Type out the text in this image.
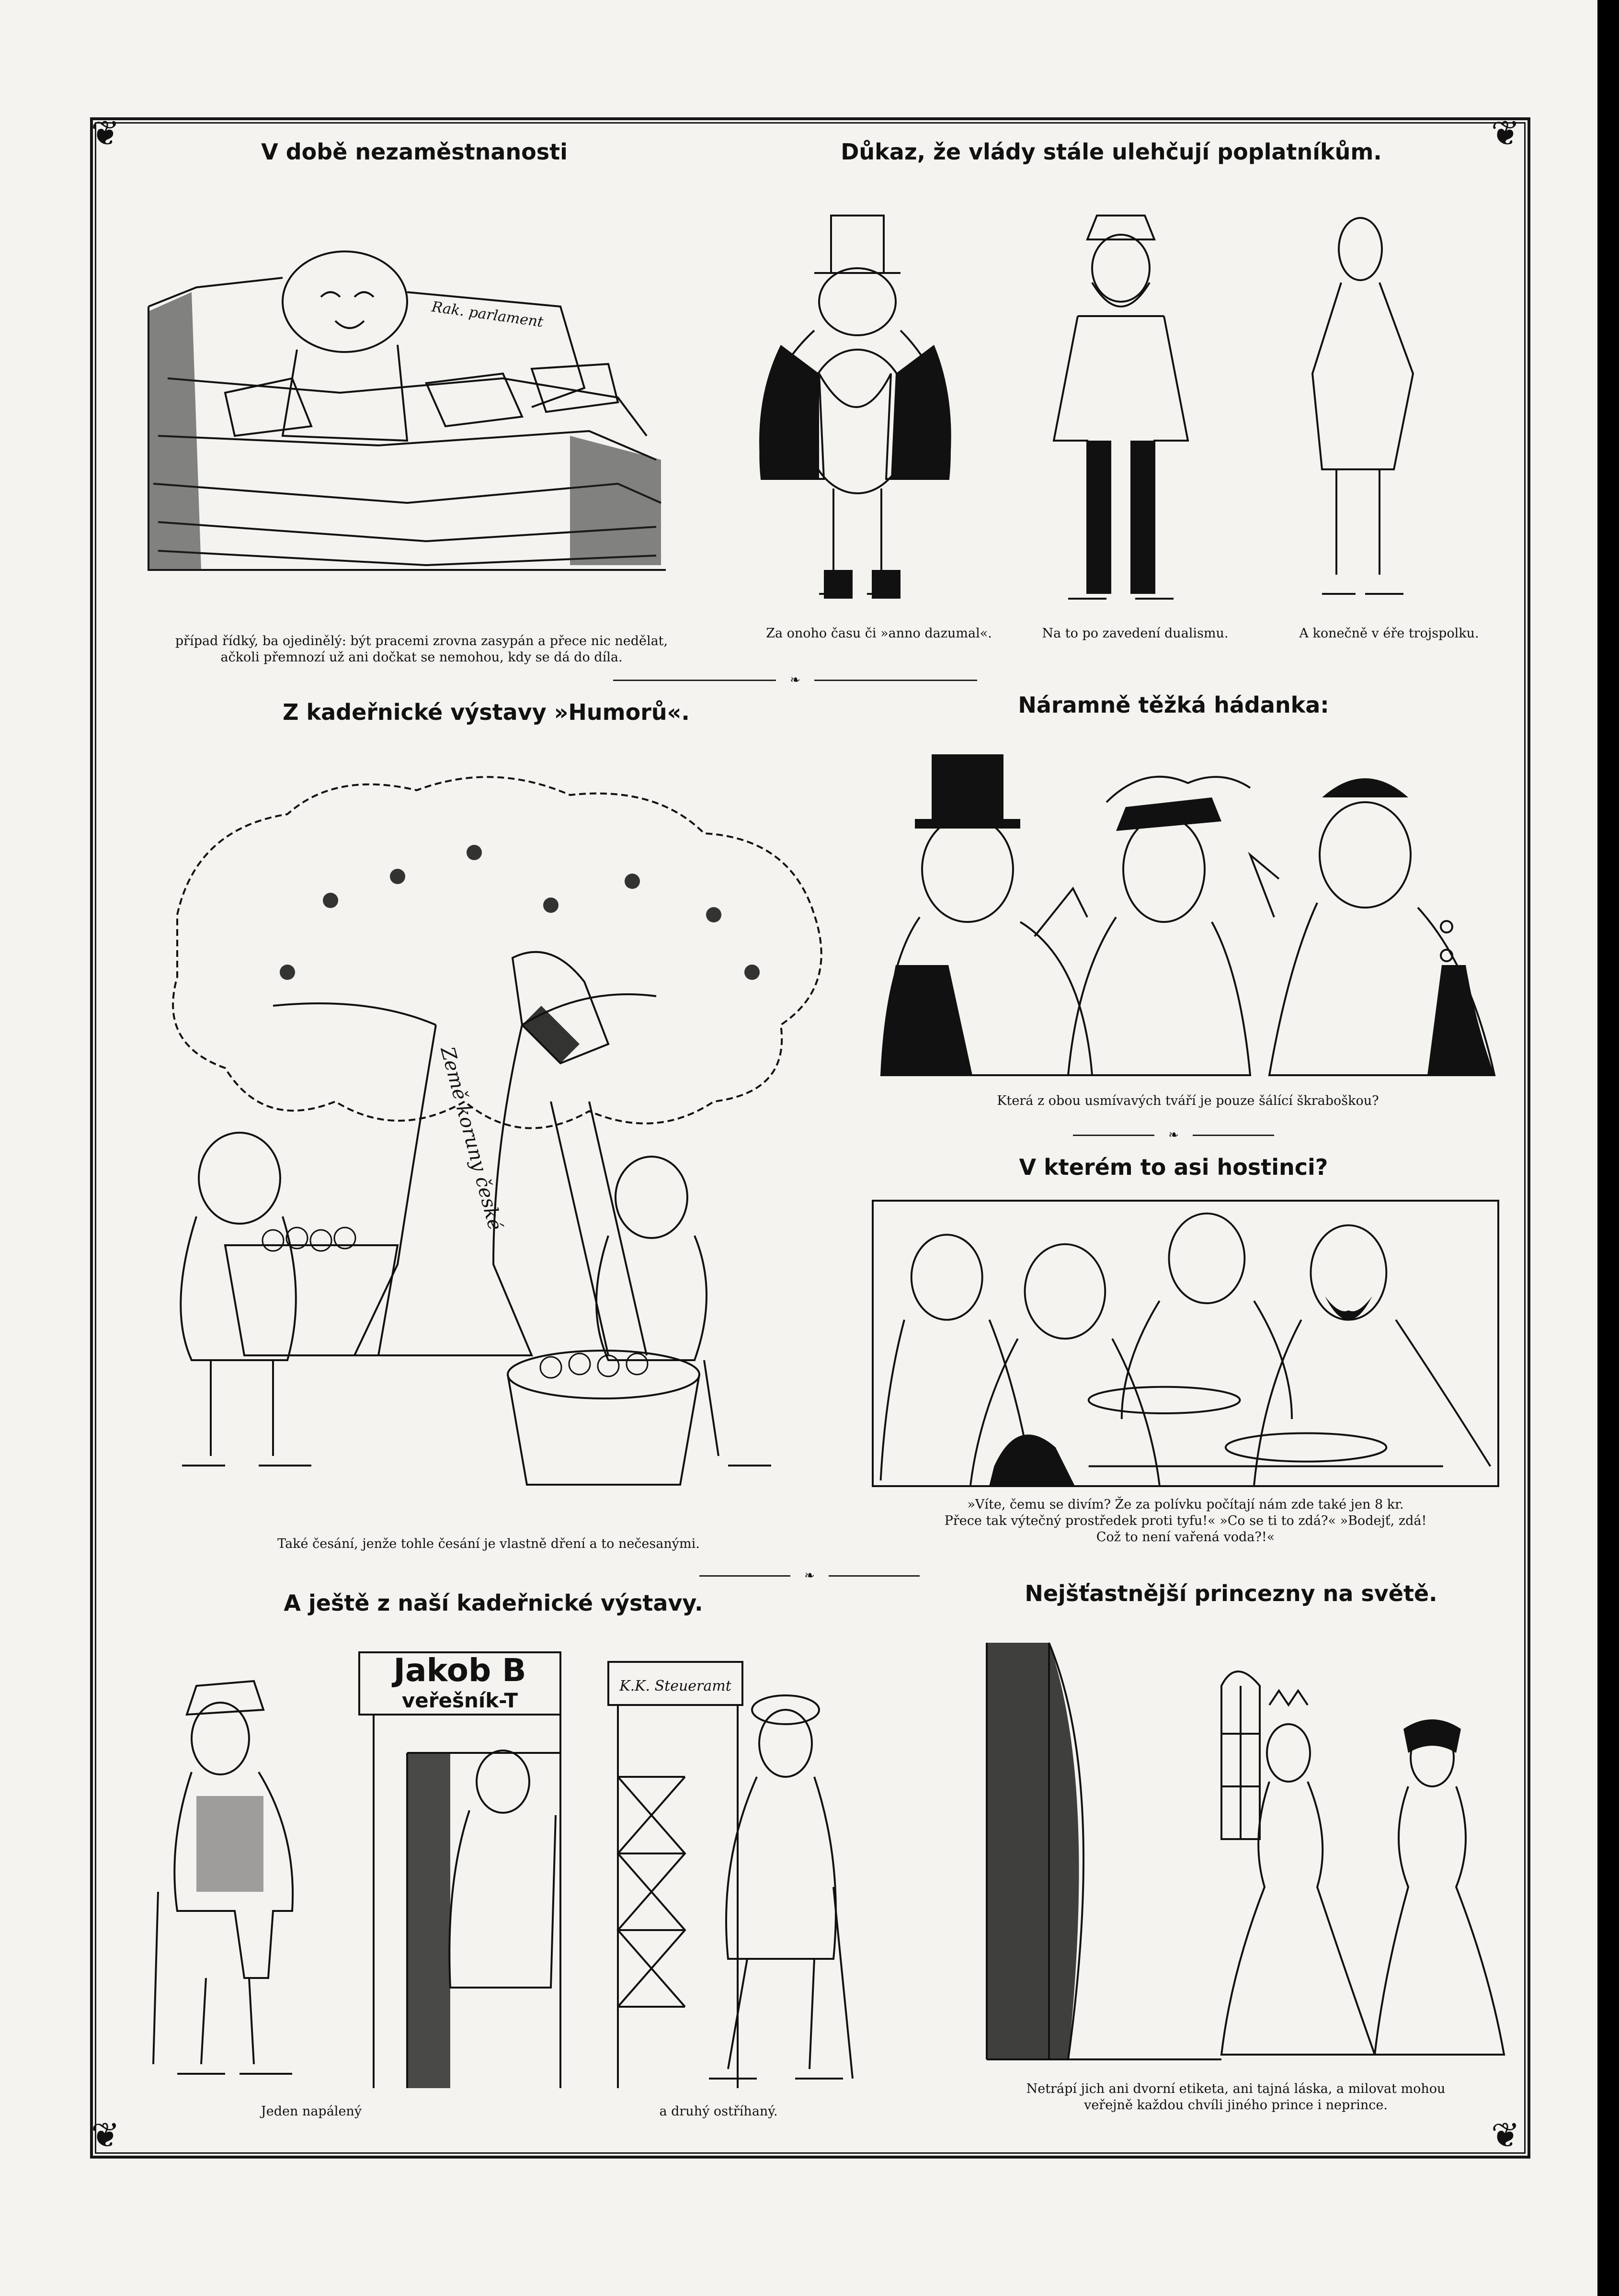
❦	❦
❦	❦
V době nezaměstnanosti
Rak. parlament
případ řídký, ba ojedinělý: být pracemi zrovna zasypán a přece nic nedělat,
ačkoli přemnozí už ani dočkat se nemohou, kdy se dá do díla.
Důkaz, že vlády stále ulehčují poplatníkům.
Za onoho času či »anno dazumal«.	Na to po zavedení dualismu.	A konečně v éře trojspolku.
❧
Z kadeřnické výstavy »Humorů«.
Země koruny české
Také česání, jenže tohle česání je vlastně dření a to nečesanými.
Náramně těžká hádanka:
Která z obou usmívavých tváří je pouze šálící škraboškou?
❧
V kterém to asi hostinci?
»Víte, čemu se divím? Že za polívku počítají nám zde také jen 8 kr.
Přece tak výtečný prostředek proti tyfu!« »Co se ti to zdá?« »Bodejť, zdá!
Což to není vařená voda?!«
❧
A ještě z naší kadeřnické výstavy.
Jakob B
veřešník-T
K.K. Steueramt
Jeden napálený	a druhý ostříhaný.
Nejšťastnější princezny na světě.
Netrápí jich ani dvorní etiketa, ani tajná láska, a milovat mohou
veřejně každou chvíli jiného prince i neprince.
